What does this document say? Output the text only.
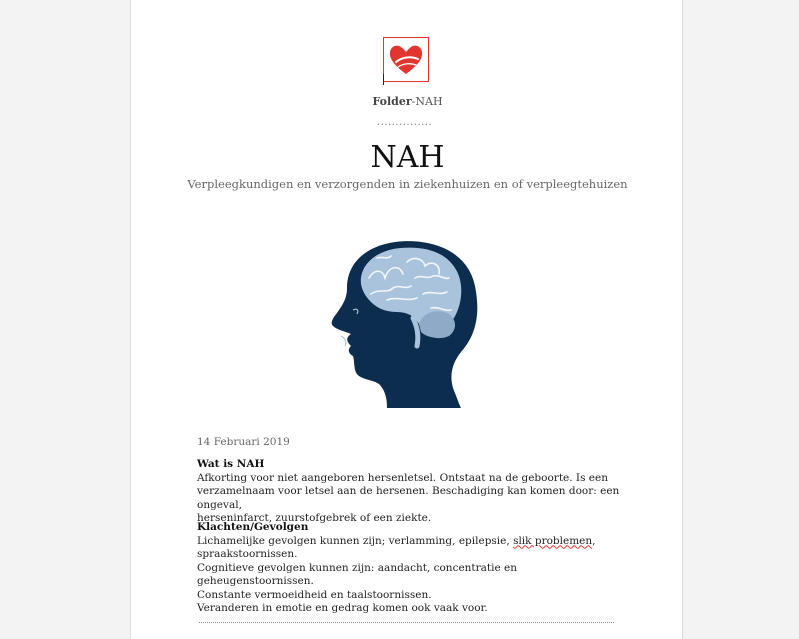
Folder-NAH
...............
NAH
Verpleegkundigen en verzorgenden in ziekenhuizen en of verpleegtehuizen
14 Februari 2019
Wat is NAH
Afkorting voor niet aangeboren hersenletsel. Ontstaat na de geboorte. Is een
verzamelnaam voor letsel aan de hersenen. Beschadiging kan komen door: een ongeval,
herseninfarct, zuurstofgebrek of een ziekte.
Klachten/Gevolgen
Lichamelijke gevolgen kunnen zijn; verlamming, epilepsie, slik problemen,
spraakstoornissen.
Cognitieve gevolgen kunnen zijn: aandacht, concentratie en geheugenstoornissen.
Constante vermoeidheid en taalstoornissen.
Veranderen in emotie en gedrag komen ook vaak voor.
